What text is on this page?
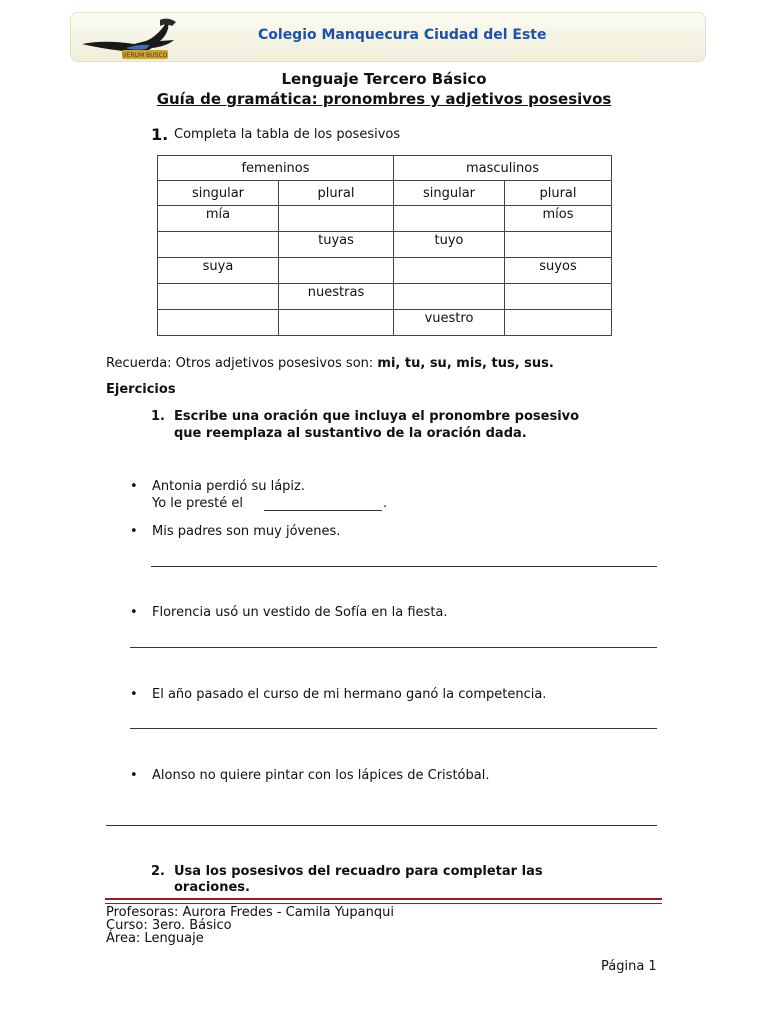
VERUM BUSCO
Colegio Manquecura Ciudad del Este
Lenguaje Tercero Básico
Guía de gramática: pronombres y adjetivos posesivos
1. Completa la tabla de los posesivos
femeninos		masculinos	
singular	plural	singular	plural
mía			míos
	tuyas	tuyo	
suya			suyos
	nuestras		
		vuestro	
Recuerda: Otros adjetivos posesivos son: mi, tu, su, mis, tus, sus.
Ejercicios
1. Escribe una oración que incluya el pronombre posesivo
que reemplaza al sustantivo de la oración dada.
• Antonia perdió su lápiz.
Yo le presté el	.
• Mis padres son muy jóvenes.
• Florencia usó un vestido de Sofía en la fiesta.
• El año pasado el curso de mi hermano ganó la competencia.
• Alonso no quiere pintar con los lápices de Cristóbal.
2. Usa los posesivos del recuadro para completar las
oraciones.
Profesoras: Aurora Fredes - Camila Yupanqui
Curso: 3ero. Básico
Área: Lenguaje
Página 1
